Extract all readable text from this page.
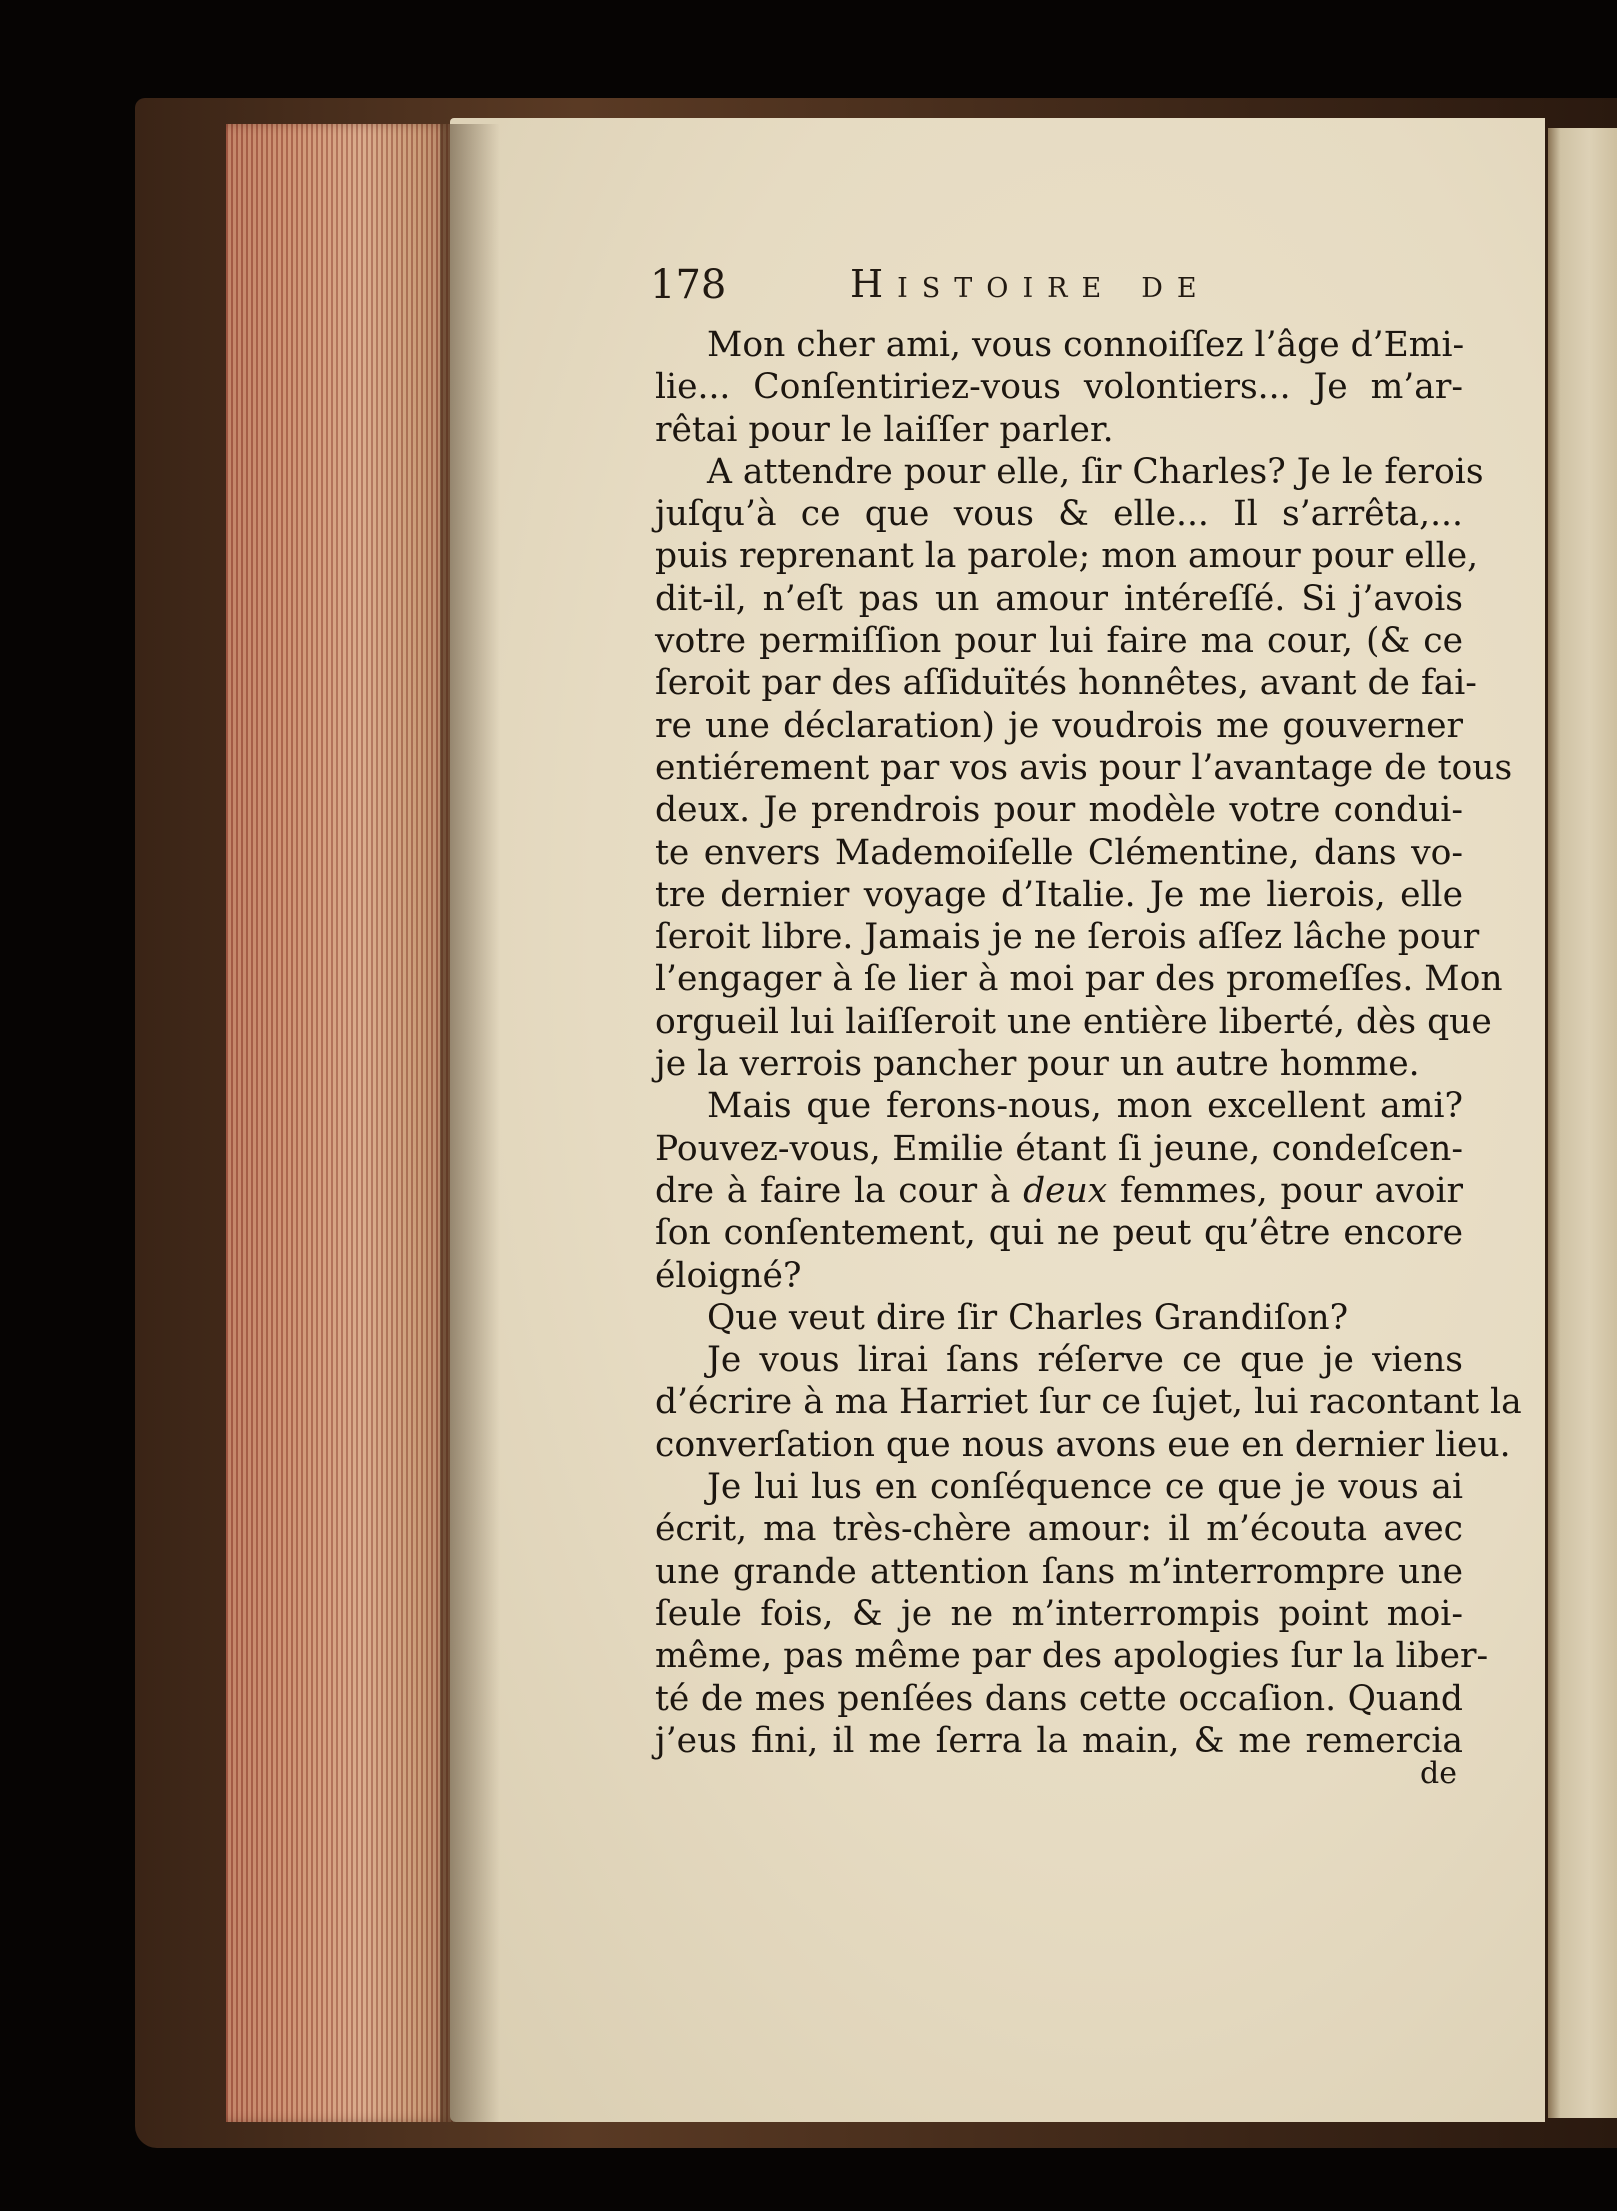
178	Histoire de
Mon cher ami, vous connoiſſez l’âge d’Emi-
lie... Conſentiriez-vous volontiers... Je m’ar-
rêtai pour le laiſſer parler.
A attendre pour elle, ſir Charles? Je le ferois
juſqu’à ce que vous & elle... Il s’arrêta,...
puis reprenant la parole; mon amour pour elle,
dit-il, n’eſt pas un amour intéreſſé. Si j’avois
votre permiſſion pour lui faire ma cour, (& ce
ſeroit par des aſſiduïtés honnêtes, avant de fai-
re une déclaration) je voudrois me gouverner
entiérement par vos avis pour l’avantage de tous
deux. Je prendrois pour modèle votre condui-
te envers Mademoiſelle Clémentine, dans vo-
tre dernier voyage d’Italie. Je me lierois, elle
ſeroit libre. Jamais je ne ſerois aſſez lâche pour
l’engager à ſe lier à moi par des promeſſes. Mon
orgueil lui laiſſeroit une entière liberté, dès que
je la verrois pancher pour un autre homme.
Mais que ferons-nous, mon excellent ami?
Pouvez-vous, Emilie étant ſi jeune, condeſcen-
dre à faire la cour à deux femmes, pour avoir
ſon conſentement, qui ne peut qu’être encore
éloigné?
Que veut dire ſir Charles Grandiſon?
Je vous lirai ſans réſerve ce que je viens
d’écrire à ma Harriet ſur ce ſujet, lui racontant la
converſation que nous avons eue en dernier lieu.
Je lui lus en conſéquence ce que je vous ai
écrit, ma très-chère amour: il m’écouta avec
une grande attention ſans m’interrompre une
ſeule fois, & je ne m’interrompis point moi-
même, pas même par des apologies ſur la liber-
té de mes penſées dans cette occaſion. Quand
j’eus fini, il me ſerra la main, & me remercia
de
